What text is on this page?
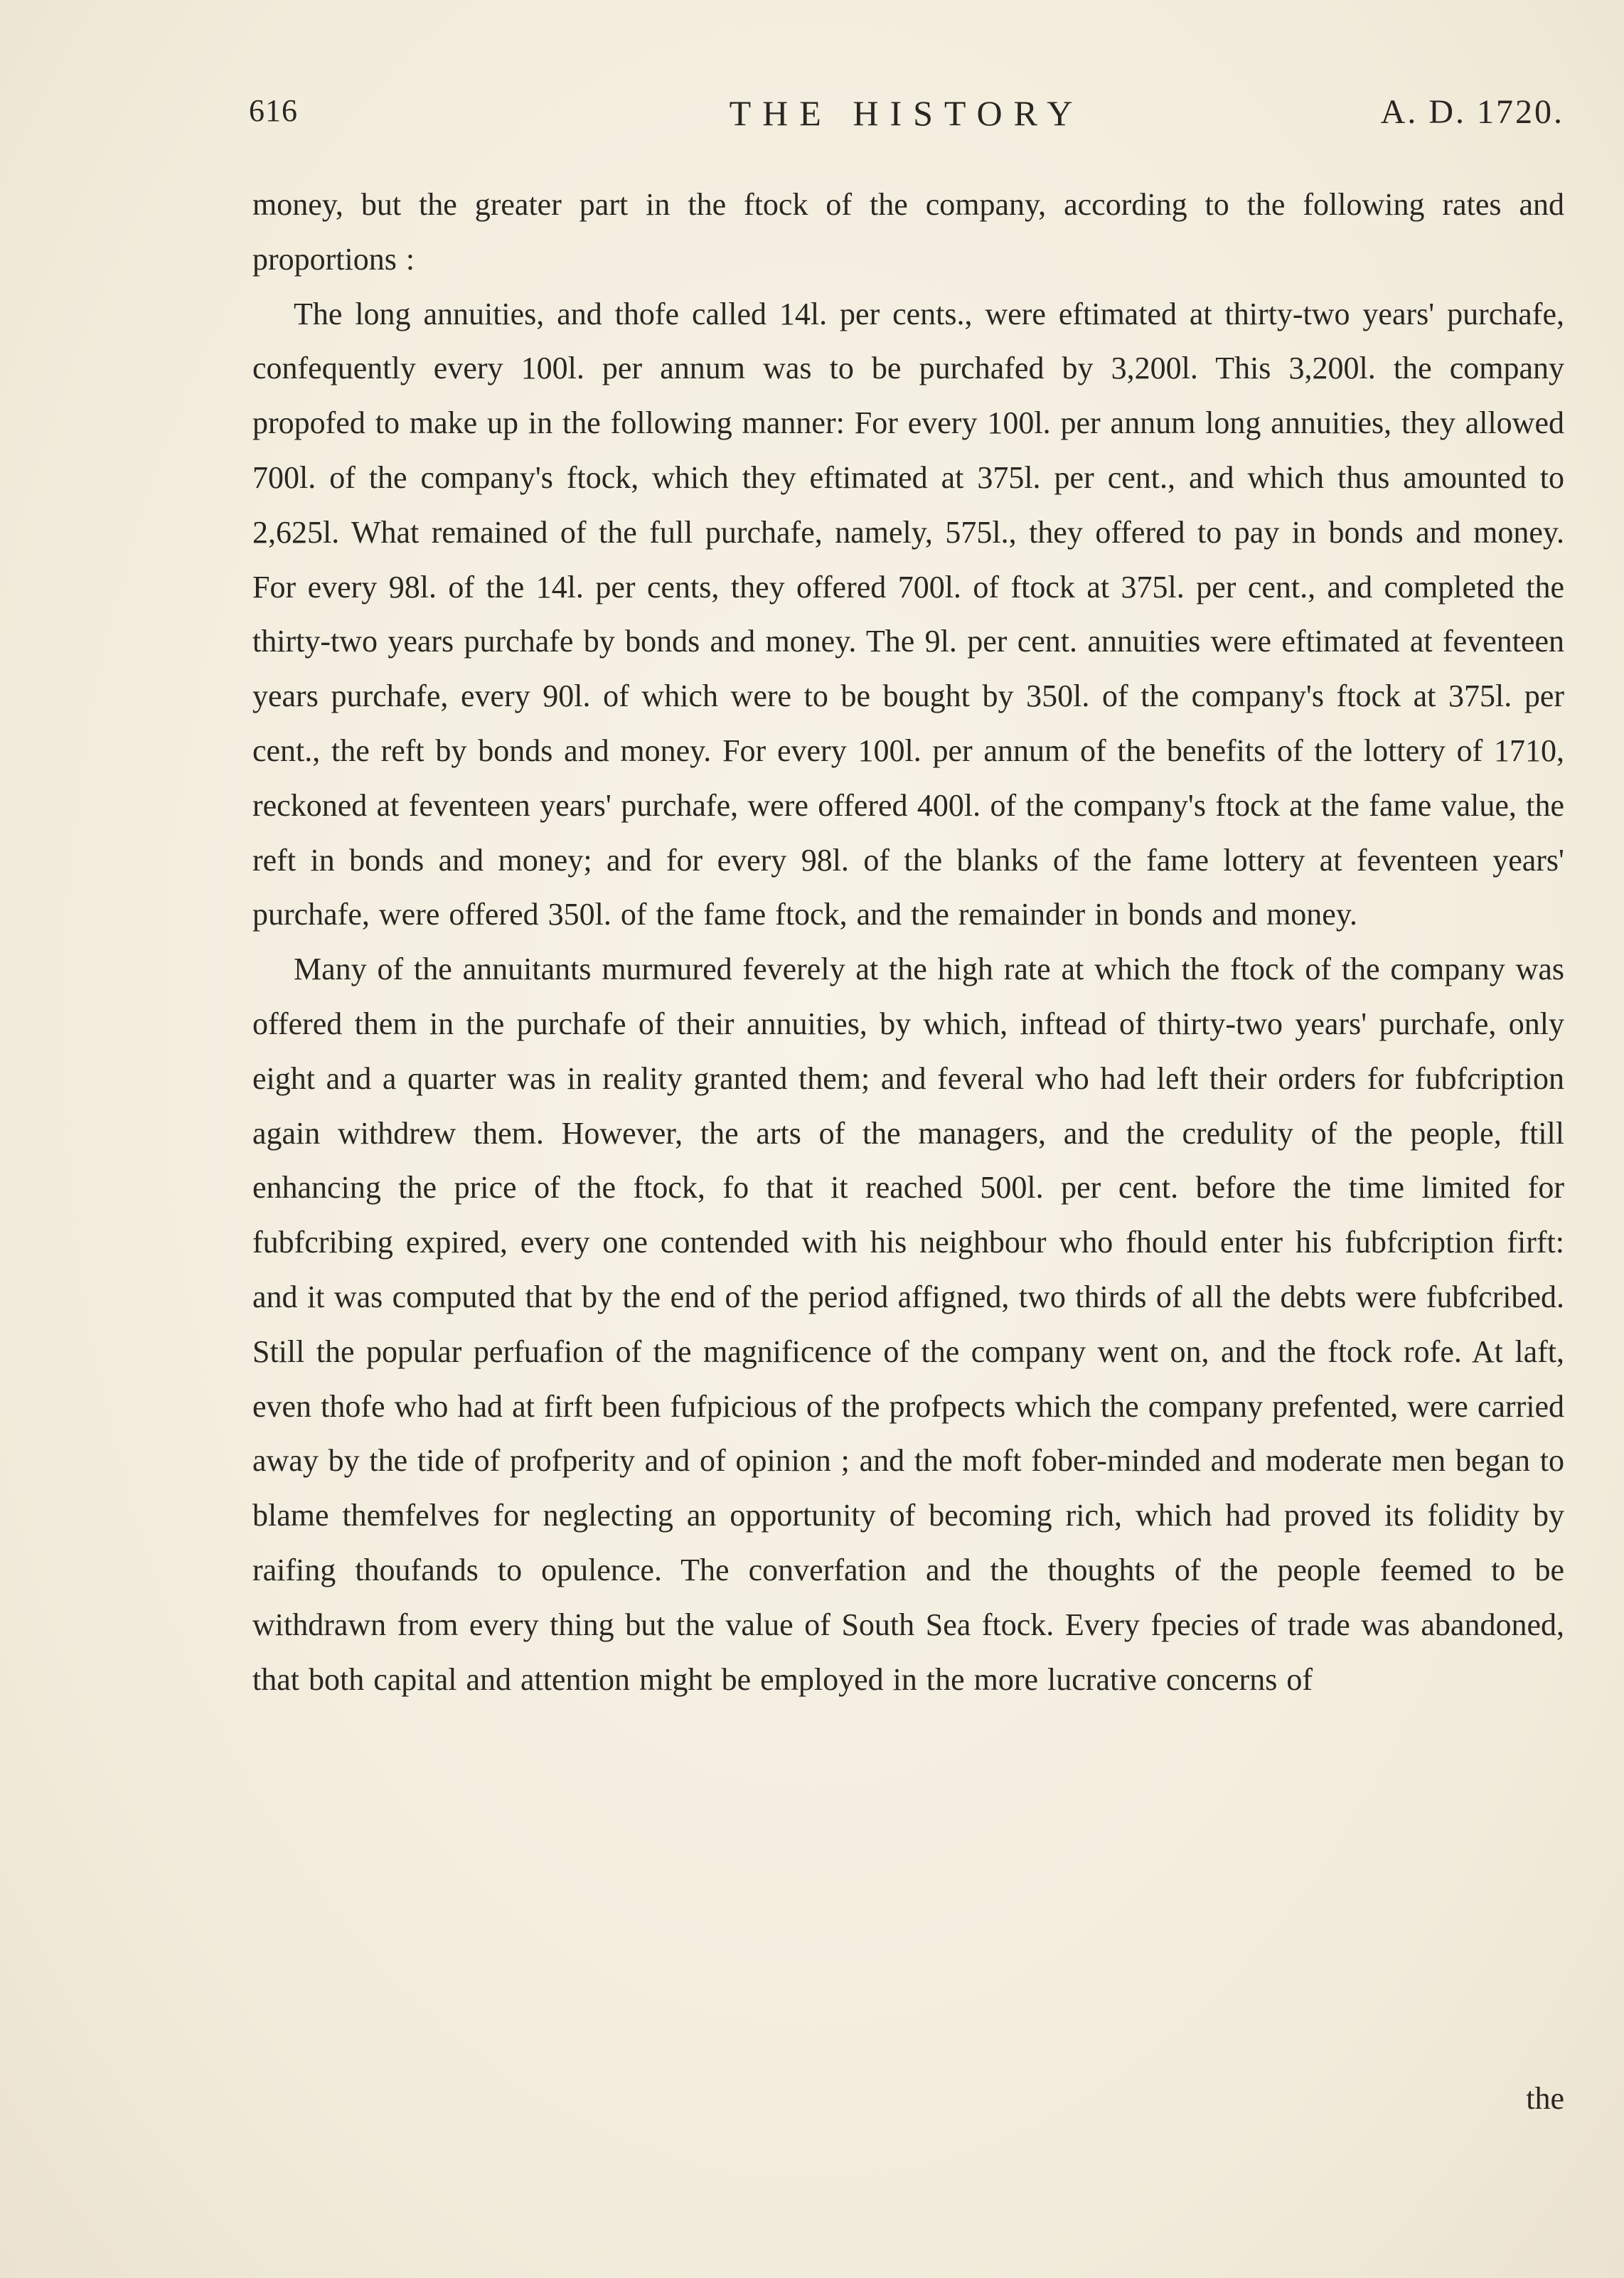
616	THE HISTORY	A. D. 1720.

money, but the greater part in the ftock of the company, according to the following rates and proportions :

The long annuities, and thofe called 14l. per cents., were eftimated at thirty-two years' purchafe, confequently every 100l. per annum was to be purchafed by 3,200l. This 3,200l. the company propofed to make up in the following manner: For every 100l. per annum long annuities, they allowed 700l. of the company's ftock, which they eftimated at 375l. per cent., and which thus amounted to 2,625l. What remained of the full purchafe, namely, 575l., they offered to pay in bonds and money. For every 98l. of the 14l. per cents, they offered 700l. of ftock at 375l. per cent., and completed the thirty-two years purchafe by bonds and money. The 9l. per cent. annuities were eftimated at feventeen years purchafe, every 90l. of which were to be bought by 350l. of the company's ftock at 375l. per cent., the reft by bonds and money. For every 100l. per annum of the benefits of the lottery of 1710, reckoned at feventeen years' purchafe, were offered 400l. of the company's ftock at the fame value, the reft in bonds and money; and for every 98l. of the blanks of the fame lottery at feventeen years' purchafe, were offered 350l. of the fame ftock, and the remainder in bonds and money.

Many of the annuitants murmured feverely at the high rate at which the ftock of the company was offered them in the purchafe of their annuities, by which, inftead of thirty-two years' purchafe, only eight and a quarter was in reality granted them; and feveral who had left their orders for fubfcription again withdrew them. However, the arts of the managers, and the credulity of the people, ftill enhancing the price of the ftock, fo that it reached 500l. per cent. before the time limited for fubfcribing expired, every one contended with his neighbour who fhould enter his fubfcription firft: and it was computed that by the end of the period affigned, two thirds of all the debts were fubfcribed. Still the popular perfuafion of the magnificence of the company went on, and the ftock rofe. At laft, even thofe who had at firft been fufpicious of the profpects which the company prefented, were carried away by the tide of profperity and of opinion ; and the moft fober-minded and moderate men began to blame themfelves for neglecting an opportunity of becoming rich, which had proved its folidity by raifing thoufands to opulence. The converfation and the thoughts of the people feemed to be withdrawn from every thing but the value of South Sea ftock. Every fpecies of trade was abandoned, that both capital and attention might be employed in the more lucrative concerns of

the
